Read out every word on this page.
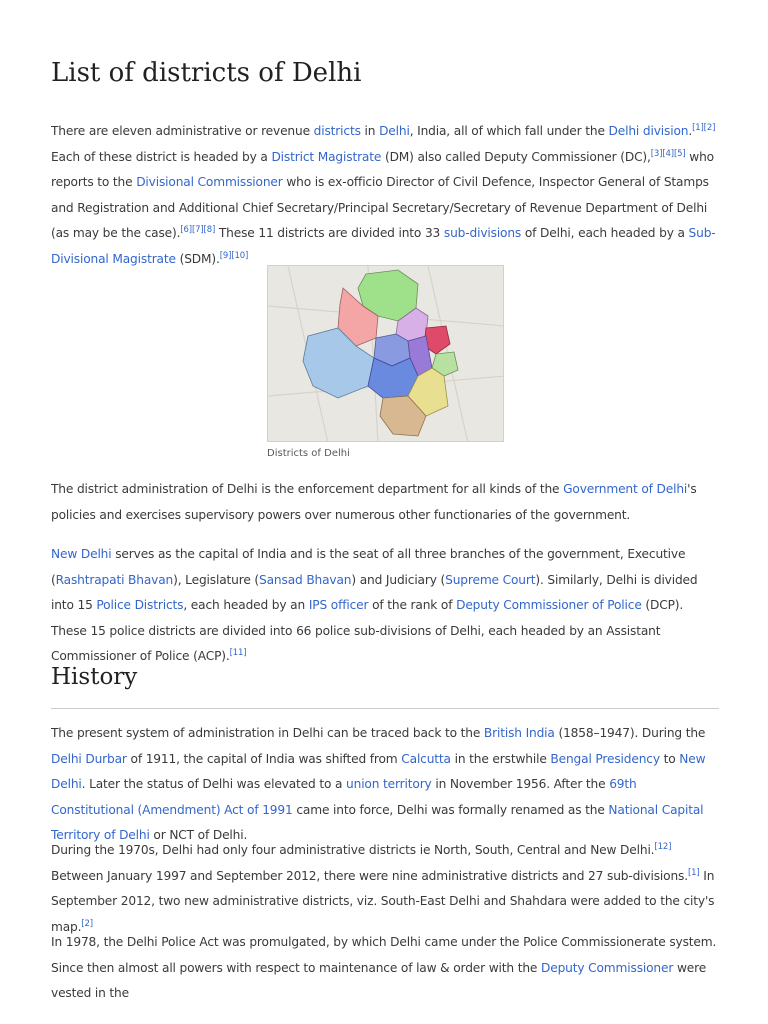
List of districts of Delhi

There are eleven administrative or revenue districts in Delhi, India, all of which fall under the Delhi division.[1][2] Each of these district is headed by a District Magistrate (DM) also called Deputy Commissioner (DC),[3][4][5] who reports to the Divisional Commissioner who is ex-officio Director of Civil Defence, Inspector General of Stamps and Registration and Additional Chief Secretary/Principal Secretary/Secretary of Revenue Department of Delhi (as may be the case).[6][7][8] These 11 districts are divided into 33 sub-divisions of Delhi, each headed by a Sub-Divisional Magistrate (SDM).[9][10]

Districts of Delhi

The district administration of Delhi is the enforcement department for all kinds of the Government of Delhi's policies and exercises supervisory powers over numerous other functionaries of the government.

New Delhi serves as the capital of India and is the seat of all three branches of the government, Executive (Rashtrapati Bhavan), Legislature (Sansad Bhavan) and Judiciary (Supreme Court). Similarly, Delhi is divided into 15 Police Districts, each headed by an IPS officer of the rank of Deputy Commissioner of Police (DCP). These 15 police districts are divided into 66 police sub-divisions of Delhi, each headed by an Assistant Commissioner of Police (ACP).[11]

History

The present system of administration in Delhi can be traced back to the British India (1858–1947). During the Delhi Durbar of 1911, the capital of India was shifted from Calcutta in the erstwhile Bengal Presidency to New Delhi. Later the status of Delhi was elevated to a union territory in November 1956. After the 69th Constitutional (Amendment) Act of 1991 came into force, Delhi was formally renamed as the National Capital Territory of Delhi or NCT of Delhi.

During the 1970s, Delhi had only four administrative districts ie North, South, Central and New Delhi.[12] Between January 1997 and September 2012, there were nine administrative districts and 27 sub-divisions.[1] In September 2012, two new administrative districts, viz. South-East Delhi and Shahdara were added to the city's map.[2]

In 1978, the Delhi Police Act was promulgated, by which Delhi came under the Police Commissionerate system. Since then almost all powers with respect to maintenance of law & order with the Deputy Commissioner were vested in the
